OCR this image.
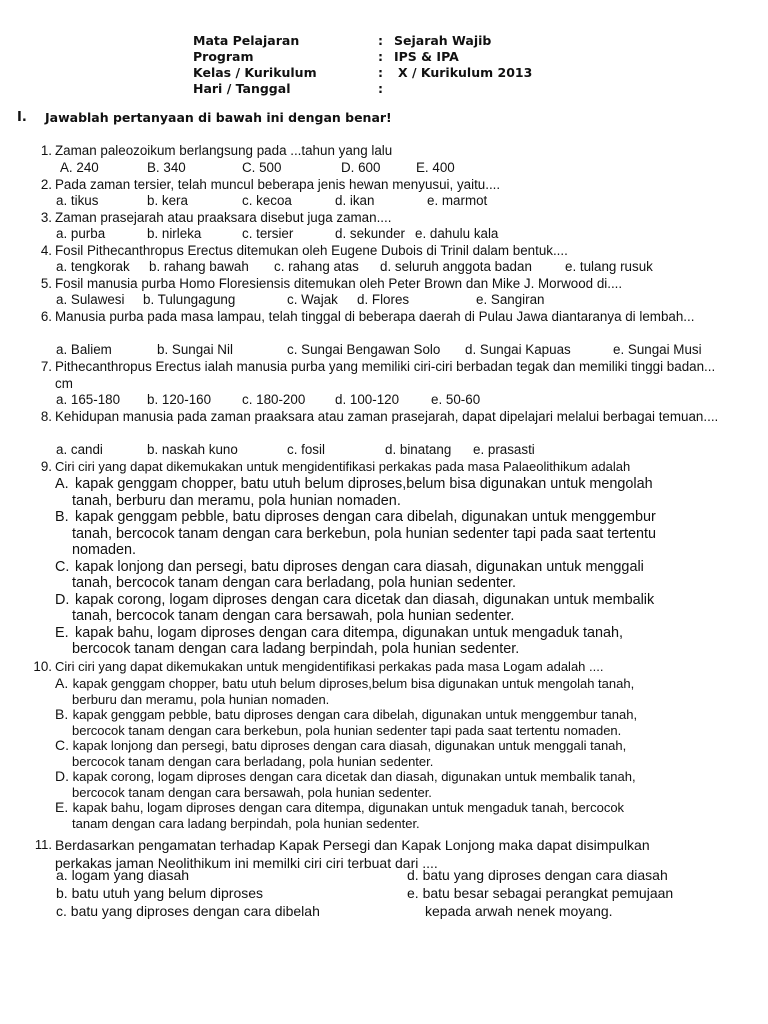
Mata Pelajaran	: Sejarah Wajib
Program	: IPS & IPA
Kelas / Kurikulum	:	X / Kurikulum 2013
Hari / Tanggal	:
I.	Jawablah pertanyaan di bawah ini dengan benar!
1. Zaman paleozoikum berlangsung pada ...tahun yang lalu
A. 240	B. 340	C. 500	D. 600	E. 400
2. Pada zaman tersier, telah muncul beberapa jenis hewan menyusui, yaitu....
a. tikus	b. kera	c. kecoa	d. ikan	e. marmot
3. Zaman prasejarah atau praaksara disebut juga zaman....
a. purba	b. nirleka	c. tersier	d. sekunder e. dahulu kala
4. Fosil Pithecanthropus Erectus ditemukan oleh Eugene Dubois di Trinil dalam bentuk....
a. tengkorak b. rahang bawah c. rahang atas d. seluruh anggota badan e. tulang rusuk
5. Fosil manusia purba Homo Floresiensis ditemukan oleh Peter Brown dan Mike J. Morwood di....
a. Sulawesi b. Tulungagung	c. Wajak d. Flores	e. Sangiran
6. Manusia purba pada masa lampau, telah tinggal di beberapa daerah di Pulau Jawa diantaranya di lembah...
a. Baliem	b. Sungai Nil	c. Sungai Bengawan Solo d. Sungai Kapuas	e. Sungai Musi
7. Pithecanthropus Erectus ialah manusia purba yang memiliki ciri-ciri berbadan tegak dan memiliki tinggi badan... cm
a. 165-180 b. 120-160 c. 180-200 d. 100-120 e. 50-60
8. Kehidupan manusia pada zaman praaksara atau zaman prasejarah, dapat dipelajari melalui berbagai temuan....
a. candi	b. naskah kuno	c. fosil	d. binatang e. prasasti
9. Ciri ciri yang dapat dikemukakan untuk mengidentifikasi perkakas pada masa Palaeolithikum adalah
A. kapak genggam chopper, batu utuh belum diproses,belum bisa digunakan untuk mengolah
tanah, berburu dan meramu, pola hunian nomaden.
B. kapak genggam pebble, batu diproses dengan cara dibelah, digunakan untuk menggembur
tanah, bercocok tanam dengan cara berkebun, pola hunian sedenter tapi pada saat tertentu
nomaden.
C. kapak lonjong dan persegi, batu diproses dengan cara diasah, digunakan untuk menggali
tanah, bercocok tanam dengan cara berladang, pola hunian sedenter.
D. kapak corong, logam diproses dengan cara dicetak dan diasah, digunakan untuk membalik
tanah, bercocok tanam dengan cara bersawah, pola hunian sedenter.
E. kapak bahu, logam diproses dengan cara ditempa, digunakan untuk mengaduk tanah,
bercocok tanam dengan cara ladang berpindah, pola hunian sedenter.
10. Ciri ciri yang dapat dikemukakan untuk mengidentifikasi perkakas pada masa Logam adalah ....
A. kapak genggam chopper, batu utuh belum diproses,belum bisa digunakan untuk mengolah tanah,
berburu dan meramu, pola hunian nomaden.
B. kapak genggam pebble, batu diproses dengan cara dibelah, digunakan untuk menggembur tanah,
bercocok tanam dengan cara berkebun, pola hunian sedenter tapi pada saat tertentu nomaden.
C. kapak lonjong dan persegi, batu diproses dengan cara diasah, digunakan untuk menggali tanah,
bercocok tanam dengan cara berladang, pola hunian sedenter.
D. kapak corong, logam diproses dengan cara dicetak dan diasah, digunakan untuk membalik tanah,
bercocok tanam dengan cara bersawah, pola hunian sedenter.
E. kapak bahu, logam diproses dengan cara ditempa, digunakan untuk mengaduk tanah, bercocok
tanam dengan cara ladang berpindah, pola hunian sedenter.
11. Berdasarkan pengamatan terhadap Kapak Persegi dan Kapak Lonjong maka dapat disimpulkan
perkakas jaman Neolithikum ini memilki ciri ciri terbuat dari ....
a. logam yang diasah
b. batu utuh yang belum diproses
c. batu yang diproses dengan cara dibelah
d. batu yang diproses dengan cara diasah
e. batu besar sebagai perangkat pemujaan
kepada arwah nenek moyang.
